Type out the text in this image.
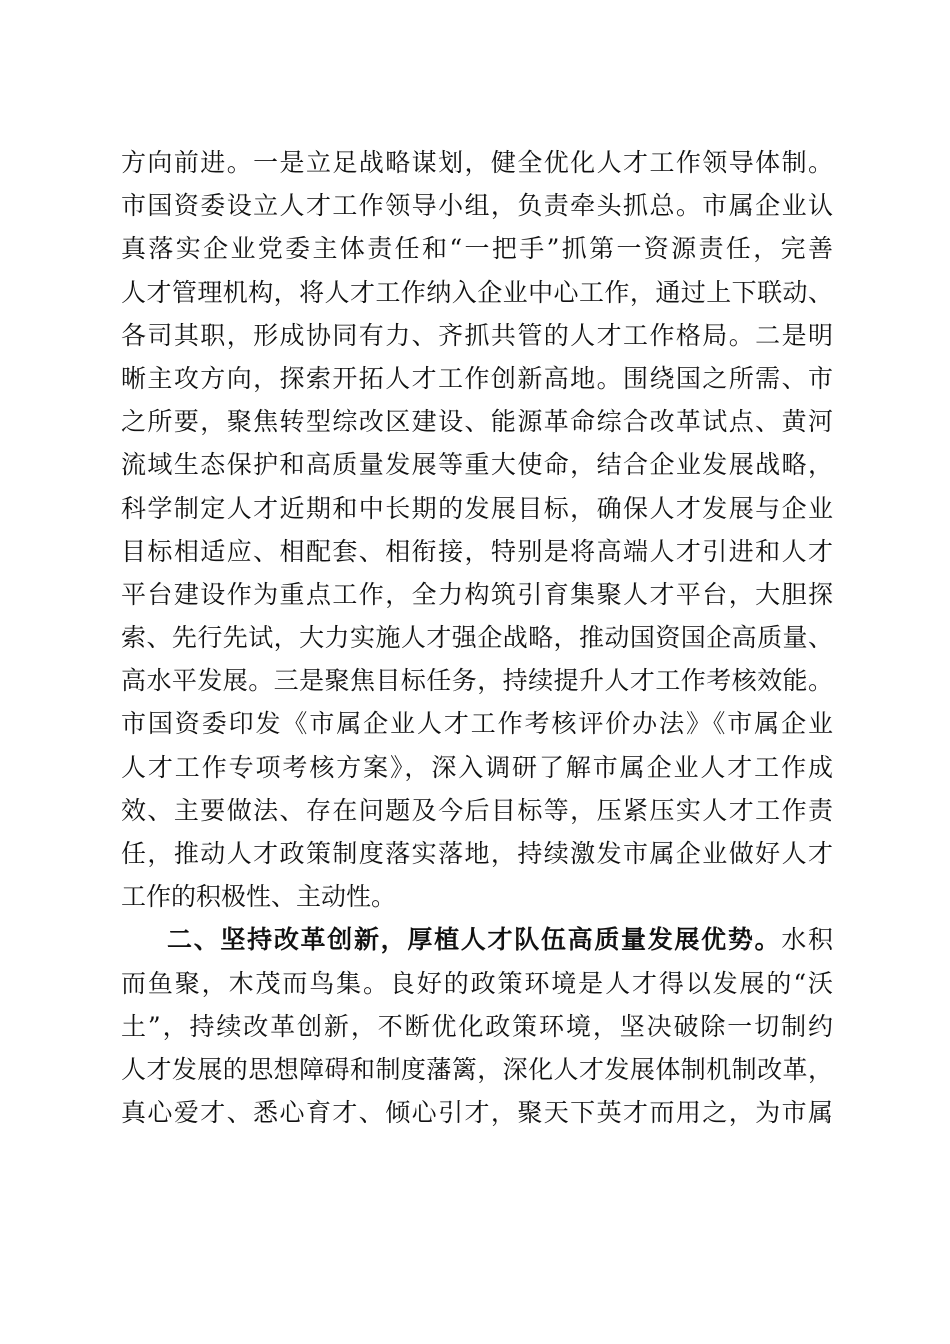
方向前进。一是立足战略谋划，健全优化人才工作领导体制。
市国资委设立人才工作领导小组，负责牵头抓总。市属企业认
真落实企业党委主体责任和“一把手”抓第一资源责任，完善
人才管理机构，将人才工作纳入企业中心工作，通过上下联动、
各司其职，形成协同有力、齐抓共管的人才工作格局。二是明
晰主攻方向，探索开拓人才工作创新高地。围绕国之所需、市
之所要，聚焦转型综改区建设、能源革命综合改革试点、黄河
流域生态保护和高质量发展等重大使命，结合企业发展战略，
科学制定人才近期和中长期的发展目标，确保人才发展与企业
目标相适应、相配套、相衔接，特别是将高端人才引进和人才
平台建设作为重点工作，全力构筑引育集聚人才平台，大胆探
索、先行先试，大力实施人才强企战略，推动国资国企高质量、
高水平发展。三是聚焦目标任务，持续提升人才工作考核效能。
市国资委印发《市属企业人才工作考核评价办法》《市属企业
人才工作专项考核方案》，深入调研了解市属企业人才工作成
效、主要做法、存在问题及今后目标等，压紧压实人才工作责
任，推动人才政策制度落实落地，持续激发市属企业做好人才
工作的积极性、主动性。
二、坚持改革创新，厚植人才队伍高质量发展优势。水积
而鱼聚，木茂而鸟集。良好的政策环境是人才得以发展的“沃
土”，持续改革创新，不断优化政策环境，坚决破除一切制约
人才发展的思想障碍和制度藩篱，深化人才发展体制机制改革，
真心爱才、悉心育才、倾心引才，聚天下英才而用之，为市属
